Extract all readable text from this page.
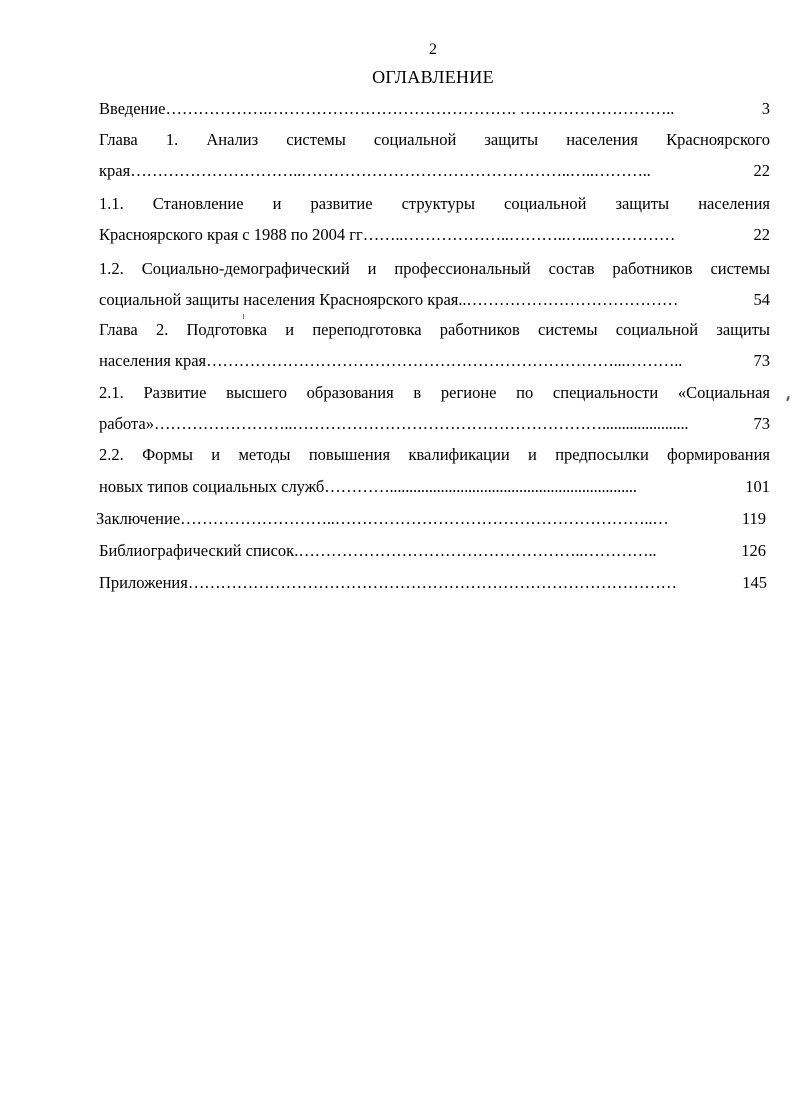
2
ОГЛАВЛЕНИЕ
Введение ……………….………………………………………. ………………………..	3
Глава 1. Анализ системы социальной защиты населения Красноярского
края …………………………..…………………………………………..…..………..	22
1.1. Становление и развитие структуры социальной защиты населения
Красноярского края с 1988 по 2004 гг ……..………………..………..…...……………	22
1.2. Социально-демографический и профессиональный состав работников системы
социальной защиты населения Красноярского края ..…………………………………	54
Глава 2. Подготовка и переподготовка работников системы социальной защиты
населения края …………………………………………………………………...………..	73
2.1. Развитие высшего образования в регионе по специальности «Социальная
работа» ……………………..…………………………………………………......................	73
2.2. Формы и методы повышения квалификации и предпосылки формирования
новых типов социальных служб …………...............................................................	101
Заключение ………………………..…………………………………………………..…	119
Библиографический список. ……………………………………………..…………..	126
Приложения ………………………………………………………………………………	145
